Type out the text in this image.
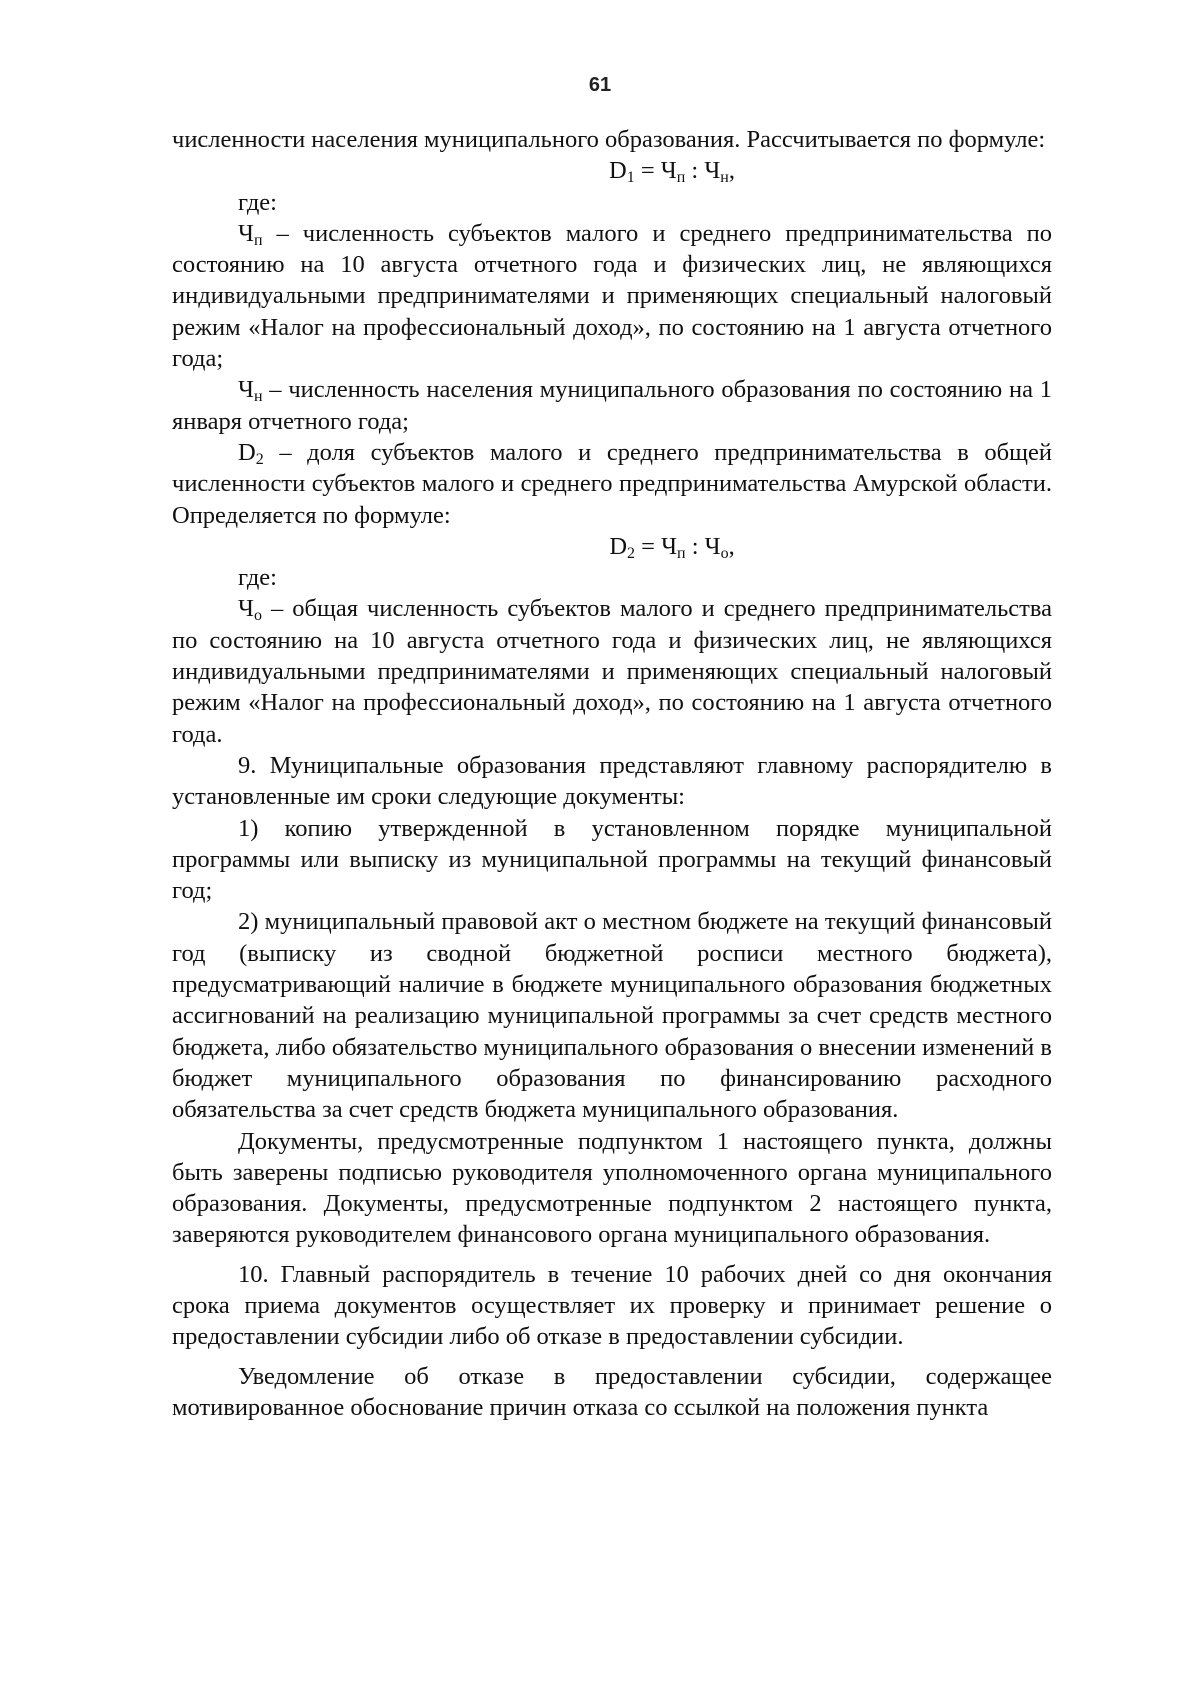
61

численности населения муниципального образования. Рассчитывается по формуле:

$D_1 = Ч_п$ : $Ч_н$,

где:

$Ч_п$ – численность субъектов малого и среднего предпринимательства по состоянию на 10 августа отчетного года и физических лиц, не являющихся индивидуальными предпринимателями и применяющих специальный налоговый режим «Налог на профессиональный доход», по состоянию на 1 августа отчетного года;

$Ч_н$ – численность населения муниципального образования по состоянию на 1 января отчетного года;

$D_2$ – доля субъектов малого и среднего предпринимательства в общей численности субъектов малого и среднего предпринимательства Амурской области. Определяется по формуле:

$D_2 = Ч_п$ : $Ч_о$,

где:

$Ч_о$ – общая численность субъектов малого и среднего предпринимательства по состоянию на 10 августа отчетного года и физических лиц, не являющихся индивидуальными предпринимателями и применяющих специальный налоговый режим «Налог на профессиональный доход», по состоянию на 1 августа отчетного года.

9. Муниципальные образования представляют главному распорядителю в установленные им сроки следующие документы:

1) копию утвержденной в установленном порядке муниципальной программы или выписку из муниципальной программы на текущий финансовый год;

2) муниципальный правовой акт о местном бюджете на текущий финансовый год (выписку из сводной бюджетной росписи местного бюджета), предусматривающий наличие в бюджете муниципального образования бюджетных ассигнований на реализацию муниципальной программы за счет средств местного бюджета, либо обязательство муниципального образования о внесении изменений в бюджет муниципального образования по финансированию расходного обязательства за счет средств бюджета муниципального образования.

Документы, предусмотренные подпунктом 1 настоящего пункта, должны быть заверены подписью руководителя уполномоченного органа муниципального образования. Документы, предусмотренные подпунктом 2 настоящего пункта, заверяются руководителем финансового органа муниципального образования.

10. Главный распорядитель в течение 10 рабочих дней со дня окончания срока приема документов осуществляет их проверку и принимает решение о предоставлении субсидии либо об отказе в предоставлении субсидии.

Уведомление об отказе в предоставлении субсидии, содержащее мотивированное обоснование причин отказа со ссылкой на положения пункта
